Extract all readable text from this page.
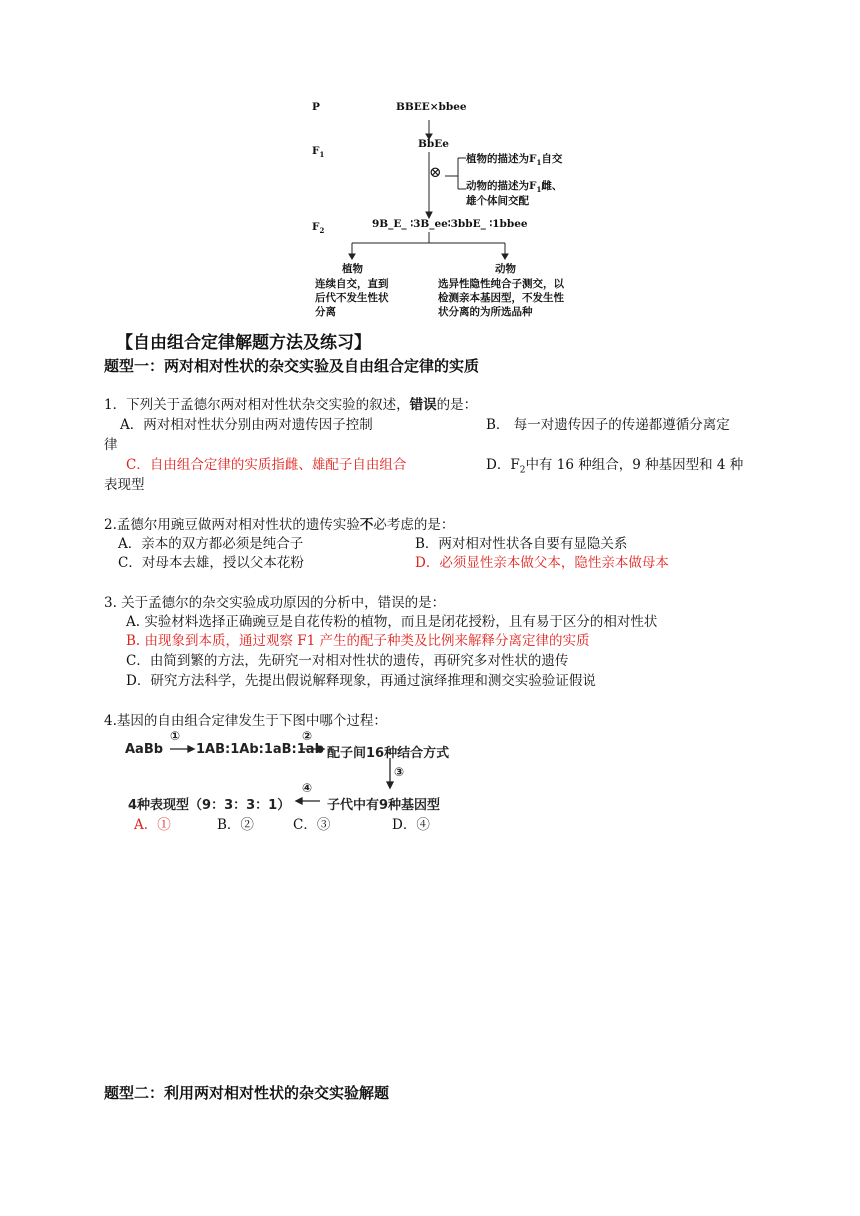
P	BBEE×bbee
$F_1$
BbEe
⊗
植物的描述为$F_1$自交
动物的描述为$F_1$雌、
雄个体间交配
$F_2$
9B_E_ ∶3B_ee∶3bbE_ ∶1bbee
植物	动物
连续自交，直到
后代不发生性状
分离
选异性隐性纯合子测交，以
检测亲本基因型，不发生性
状分离的为所选品种
【自由组合定律解题方法及练习】
题型一：两对相对性状的杂交实验及自由组合定律的实质
1．下列关于孟德尔两对相对性状杂交实验的叙述，错误的是：
A．两对相对性状分别由两对遗传因子控制	B． 每一对遗传因子的传递都遵循分离定
律
C．自由组合定律的实质指雌、雄配子自由组合	D．$F_2$中有 16 种组合，9 种基因型和 4 种
表现型
2.孟德尔用豌豆做两对相对性状的遗传实验不必考虑的是：
A．亲本的双方都必须是纯合子	B．两对相对性状各自要有显隐关系
C．对母本去雄，授以父本花粉	D．必须显性亲本做父本，隐性亲本做母本
3. 关于孟德尔的杂交实验成功原因的分析中，错误的是：
A. 实验材料选择正确豌豆是自花传粉的植物，而且是闭花授粉，且有易于区分的相对性状
B. 由现象到本质，通过观察 F1 产生的配子种类及比例来解释分离定律的实质
C．由简到繁的方法，先研究一对相对性状的遗传，再研究多对性状的遗传
D．研究方法科学，先提出假说解释现象，再通过演绎推理和测交实验验证假说
4.基因的自由组合定律发生于下图中哪个过程：
AaBb
①
1AB:1Ab:1aB:1ab
②
配子间16种结合方式
③
4种表现型（9：3：3：1）
④
子代中有9种基因型
A．①	B．②	C．③	D．④
题型二：利用两对相对性状的杂交实验解题
